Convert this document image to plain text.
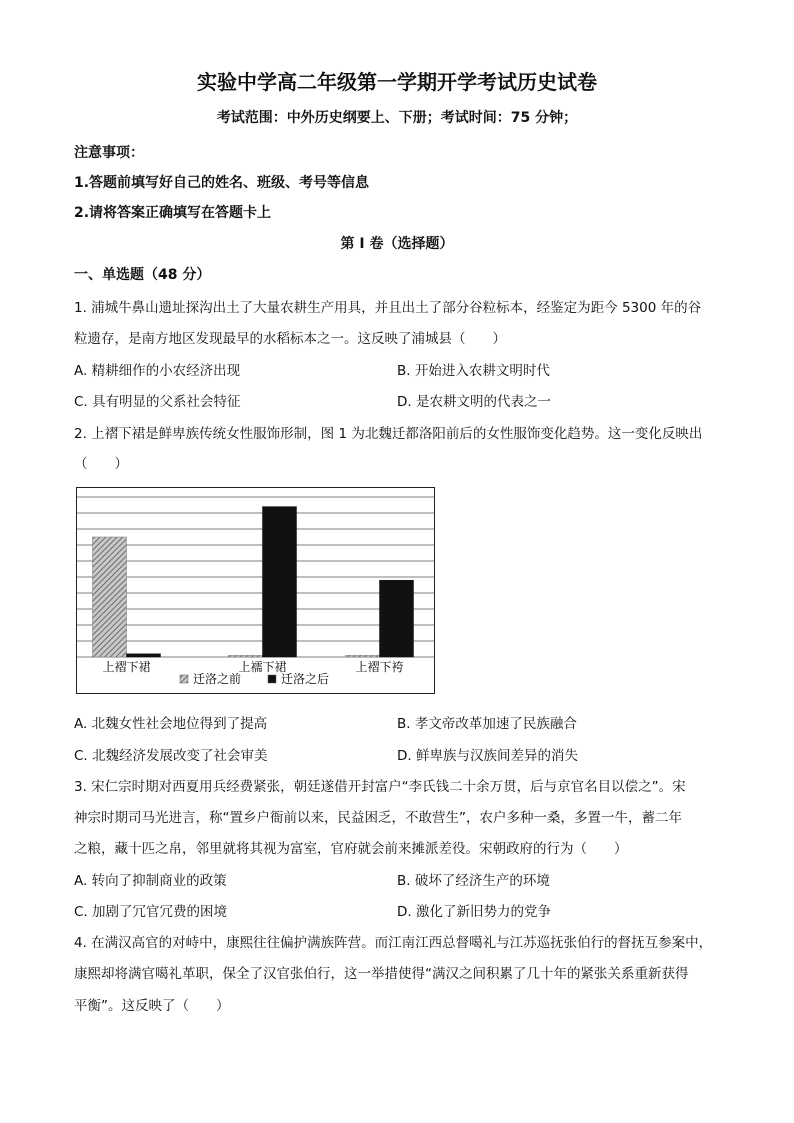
实验中学高二年级第一学期开学考试历史试卷
考试范围：中外历史纲要上、下册；考试时间：75 分钟；
注意事项：
1.答题前填写好自己的姓名、班级、考号等信息
2.请将答案正确填写在答题卡上
第 I 卷（选择题）
一、单选题（48 分）
1. 浦城牛鼻山遗址探沟出土了大量农耕生产用具，并且出土了部分谷粒标本，经鉴定为距今 5300 年的谷
粒遗存，是南方地区发现最早的水稻标本之一。这反映了浦城县（　　）
A. 精耕细作的小农经济出现	B. 开始进入农耕文明时代
C. 具有明显的父系社会特征	D. 是农耕文明的代表之一
2. 上褶下裙是鲜卑族传统女性服饰形制，图 1 为北魏迁都洛阳前后的女性服饰变化趋势。这一变化反映出
（　　）
上褶下裙	上襦下裙	上褶下袴
迁洛之前	迁洛之后
A. 北魏女性社会地位得到了提高	B. 孝文帝改革加速了民族融合
C. 北魏经济发展改变了社会审美	D. 鲜卑族与汉族间差异的消失
3. 宋仁宗时期对西夏用兵经费紧张，朝廷遂借开封富户“李氏钱二十余万贯，后与京官名目以偿之”。宋
神宗时期司马光进言，称“置乡户衙前以来，民益困乏，不敢营生”，农户多种一桑，多置一牛，蓄二年
之粮，藏十匹之帛，邻里就将其视为富室，官府就会前来摊派差役。宋朝政府的行为（　　）
A. 转向了抑制商业的政策	B. 破坏了经济生产的环境
C. 加剧了冗官冗费的困境	D. 激化了新旧势力的党争
4. 在满汉高官的对峙中，康熙往往偏护满族阵营。而江南江西总督噶礼与江苏巡抚张伯行的督抚互参案中，
康熙却将满官噶礼革职，保全了汉官张伯行，这一举措使得“满汉之间积累了几十年的紧张关系重新获得
平衡”。这反映了（　　）
